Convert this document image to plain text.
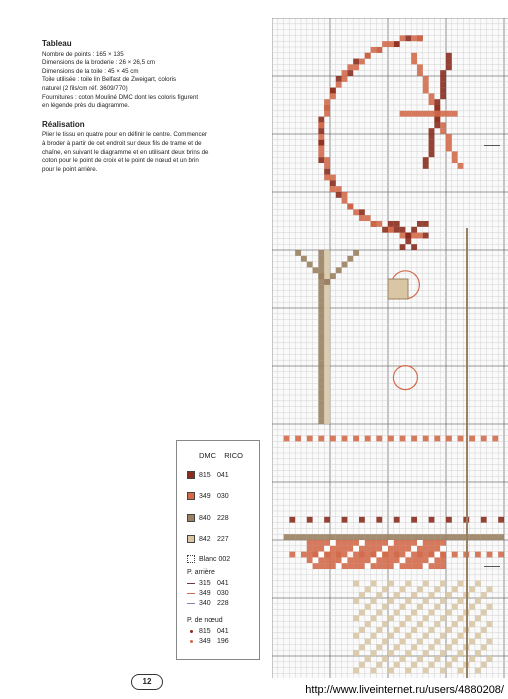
Tableau

Nombre de points : 165 × 135

Dimensions de la broderie : 26 × 26,5 cm

Dimensions de la toile : 45 × 45 cm

Toile utilisée : toile lin Belfast de Zweigart, coloris

naturel (2 fils/cm réf. 3609/770)

Fournitures : coton Mouliné DMC dont les coloris figurent

en légende près du diagramme.

Réalisation

Plier le tissu en quatre pour en définir le centre. Commencer

à broder à partir de cet endroit sur deux fils de trame et de

chaîne, en suivant le diagramme et en utilisant deux brins de

coton pour le point de croix et le point de nœud et un brin

pour le point arrière.

DMC RICO
815 041
349 030
840 228
842 227
Blanc
002
P. arrière
315 041
349 030
340 228
P. de nœud
815 041
349 196
12
http://www.liveinternet.ru/users/4880208/
